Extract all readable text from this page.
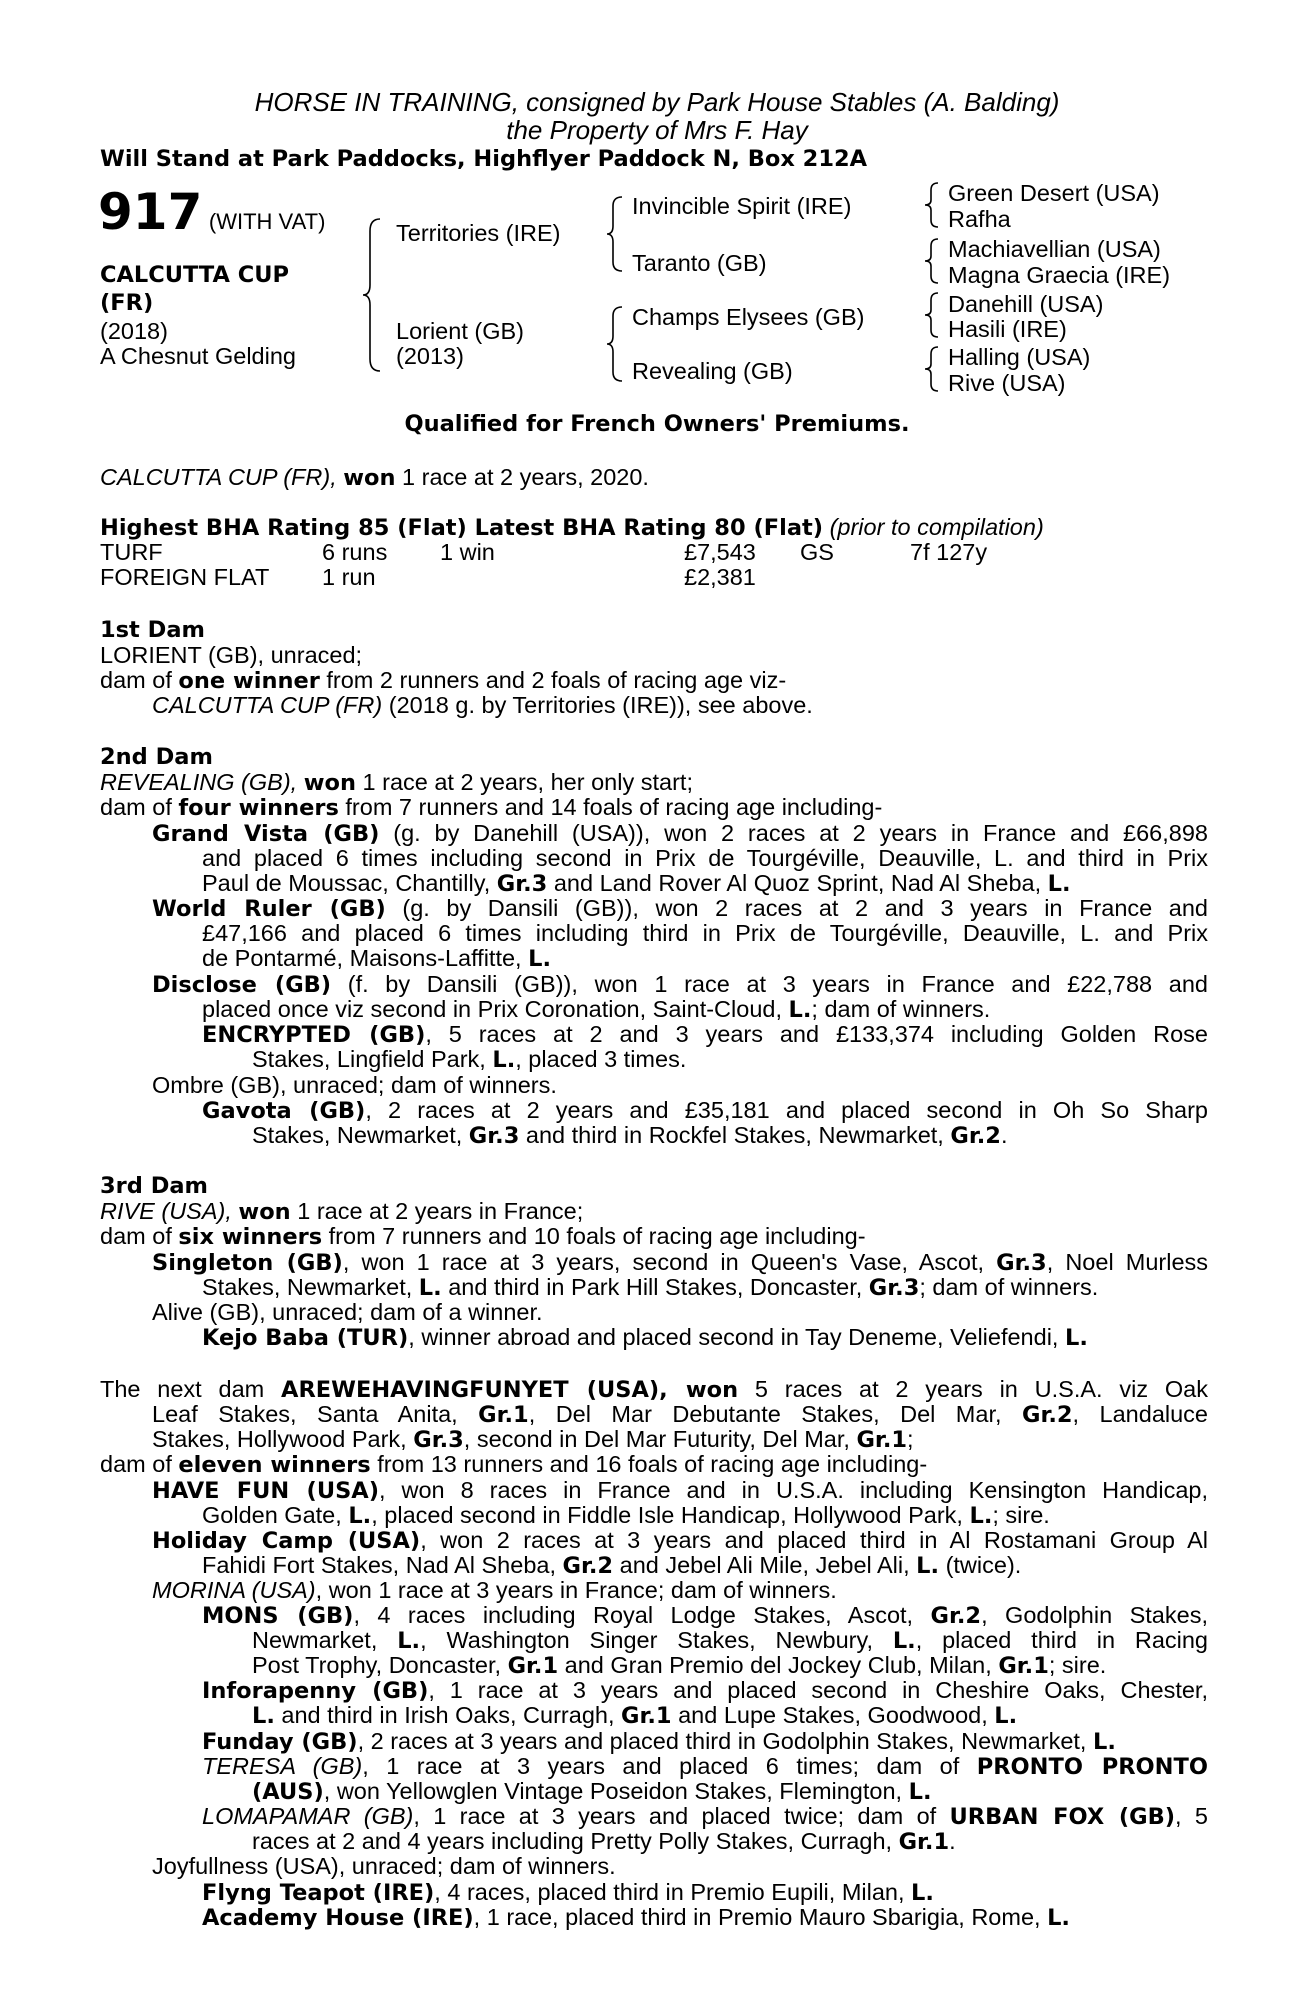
HORSE IN TRAINING, consigned by Park House Stables (A. Balding)
the Property of Mrs F. Hay
Will Stand at Park Paddocks, Highflyer Paddock N, Box 212A
917 (WITH VAT)
CALCUTTA CUP
(FR)
(2018)
A Chesnut Gelding
Territories (IRE)
Lorient (GB)
(2013)
Invincible Spirit (IRE)
Taranto (GB)
Champs Elysees (GB)
Revealing (GB)
Green Desert (USA)
Rafha
Machiavellian (USA)
Magna Graecia (IRE)
Danehill (USA)
Hasili (IRE)
Halling (USA)
Rive (USA)
Qualified for French Owners' Premiums.
CALCUTTA CUP (FR), won 1 race at 2 years, 2020.
Highest BHA Rating 85 (Flat) Latest BHA Rating 80 (Flat) (prior to compilation)
TURF	6 runs 1 win	£7,543 GS	7f 127y
FOREIGN FLAT 1 run	£2,381
1st Dam
LORIENT (GB), unraced;
dam of one winner from 2 runners and 2 foals of racing age viz-
CALCUTTA CUP (FR) (2018 g. by Territories (IRE)), see above.
2nd Dam
REVEALING (GB), won 1 race at 2 years, her only start;
dam of four winners from 7 runners and 14 foals of racing age including-
Grand Vista (GB) (g. by Danehill (USA)), won 2 races at 2 years in France and £66,898
and placed 6 times including second in Prix de Tourgéville, Deauville, L. and third in Prix
Paul de Moussac, Chantilly, Gr.3 and Land Rover Al Quoz Sprint, Nad Al Sheba, L.
World Ruler (GB) (g. by Dansili (GB)), won 2 races at 2 and 3 years in France and
£47,166 and placed 6 times including third in Prix de Tourgéville, Deauville, L. and Prix
de Pontarmé, Maisons-Laffitte, L.
Disclose (GB) (f. by Dansili (GB)), won 1 race at 3 years in France and £22,788 and
placed once viz second in Prix Coronation, Saint-Cloud, L.; dam of winners.
ENCRYPTED (GB), 5 races at 2 and 3 years and £133,374 including Golden Rose
Stakes, Lingfield Park, L., placed 3 times.
Ombre (GB), unraced; dam of winners.
Gavota (GB), 2 races at 2 years and £35,181 and placed second in Oh So Sharp
Stakes, Newmarket, Gr.3 and third in Rockfel Stakes, Newmarket, Gr.2.
3rd Dam
RIVE (USA), won 1 race at 2 years in France;
dam of six winners from 7 runners and 10 foals of racing age including-
Singleton (GB), won 1 race at 3 years, second in Queen's Vase, Ascot, Gr.3, Noel Murless
Stakes, Newmarket, L. and third in Park Hill Stakes, Doncaster, Gr.3; dam of winners.
Alive (GB), unraced; dam of a winner.
Kejo Baba (TUR), winner abroad and placed second in Tay Deneme, Veliefendi, L.
The next dam AREWEHAVINGFUNYET (USA), won 5 races at 2 years in U.S.A. viz Oak
Leaf Stakes, Santa Anita, Gr.1, Del Mar Debutante Stakes, Del Mar, Gr.2, Landaluce
Stakes, Hollywood Park, Gr.3, second in Del Mar Futurity, Del Mar, Gr.1;
dam of eleven winners from 13 runners and 16 foals of racing age including-
HAVE FUN (USA), won 8 races in France and in U.S.A. including Kensington Handicap,
Golden Gate, L., placed second in Fiddle Isle Handicap, Hollywood Park, L.; sire.
Holiday Camp (USA), won 2 races at 3 years and placed third in Al Rostamani Group Al
Fahidi Fort Stakes, Nad Al Sheba, Gr.2 and Jebel Ali Mile, Jebel Ali, L. (twice).
MORINA (USA), won 1 race at 3 years in France; dam of winners.
MONS (GB), 4 races including Royal Lodge Stakes, Ascot, Gr.2, Godolphin Stakes,
Newmarket, L., Washington Singer Stakes, Newbury, L., placed third in Racing
Post Trophy, Doncaster, Gr.1 and Gran Premio del Jockey Club, Milan, Gr.1; sire.
Inforapenny (GB), 1 race at 3 years and placed second in Cheshire Oaks, Chester,
L. and third in Irish Oaks, Curragh, Gr.1 and Lupe Stakes, Goodwood, L.
Funday (GB), 2 races at 3 years and placed third in Godolphin Stakes, Newmarket, L.
TERESA (GB), 1 race at 3 years and placed 6 times; dam of PRONTO PRONTO
(AUS), won Yellowglen Vintage Poseidon Stakes, Flemington, L.
LOMAPAMAR (GB), 1 race at 3 years and placed twice; dam of URBAN FOX (GB), 5
races at 2 and 4 years including Pretty Polly Stakes, Curragh, Gr.1.
Joyfullness (USA), unraced; dam of winners.
Flyng Teapot (IRE), 4 races, placed third in Premio Eupili, Milan, L.
Academy House (IRE), 1 race, placed third in Premio Mauro Sbarigia, Rome, L.
